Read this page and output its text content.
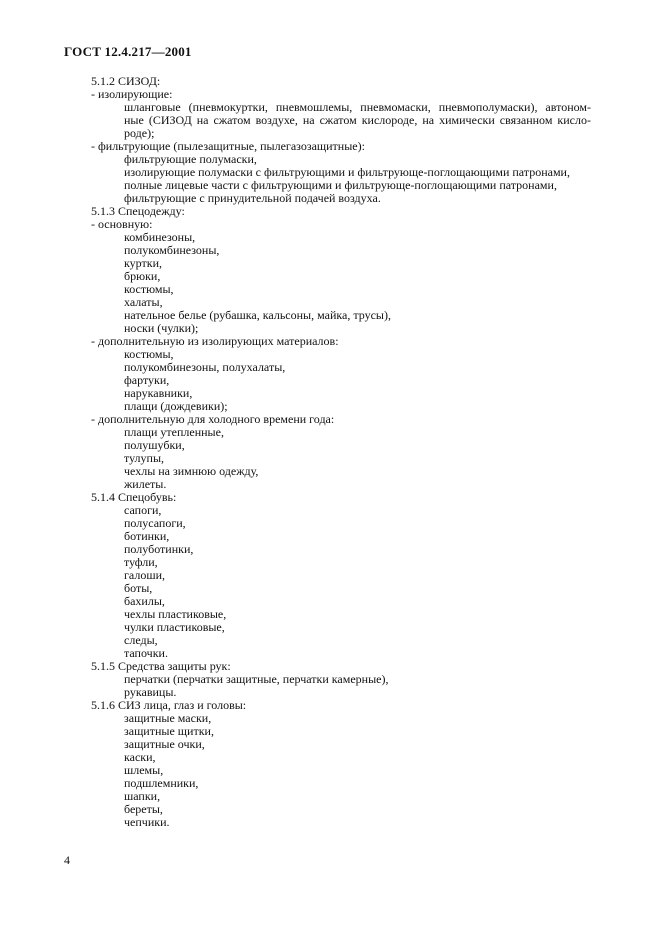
ГОСТ 12.4.217—2001
5.1.2 СИЗОД:
- изолирующие:
шланговые (пневмокуртки, пневмошлемы, пневмомаски, пневмополумаски), автоном-
ные (СИЗОД на сжатом воздухе, на сжатом кислороде, на химически связанном кисло-
роде);
- фильтрующие (пылезащитные, пылегазозащитные):
фильтрующие полумаски,
изолирующие полумаски с фильтрующими и фильтрующе-поглощающими патронами,
полные лицевые части с фильтрующими и фильтрующе-поглощающими патронами,
фильтрующие с принудительной подачей воздуха.
5.1.3 Спецодежду:
- основную:
комбинезоны,
полукомбинезоны,
куртки,
брюки,
костюмы,
халаты,
нательное белье (рубашка, кальсоны, майка, трусы),
носки (чулки);
- дополнительную из изолирующих материалов:
костюмы,
полукомбинезоны, полухалаты,
фартуки,
нарукавники,
плащи (дождевики);
- дополнительную для холодного времени года:
плащи утепленные,
полушубки,
тулупы,
чехлы на зимнюю одежду,
жилеты.
5.1.4 Спецобувь:
сапоги,
полусапоги,
ботинки,
полуботинки,
туфли,
галоши,
боты,
бахилы,
чехлы пластиковые,
чулки пластиковые,
следы,
тапочки.
5.1.5 Средства защиты рук:
перчатки (перчатки защитные, перчатки камерные),
рукавицы.
5.1.6 СИЗ лица, глаз и головы:
защитные маски,
защитные щитки,
защитные очки,
каски,
шлемы,
подшлемники,
шапки,
береты,
чепчики.
4
